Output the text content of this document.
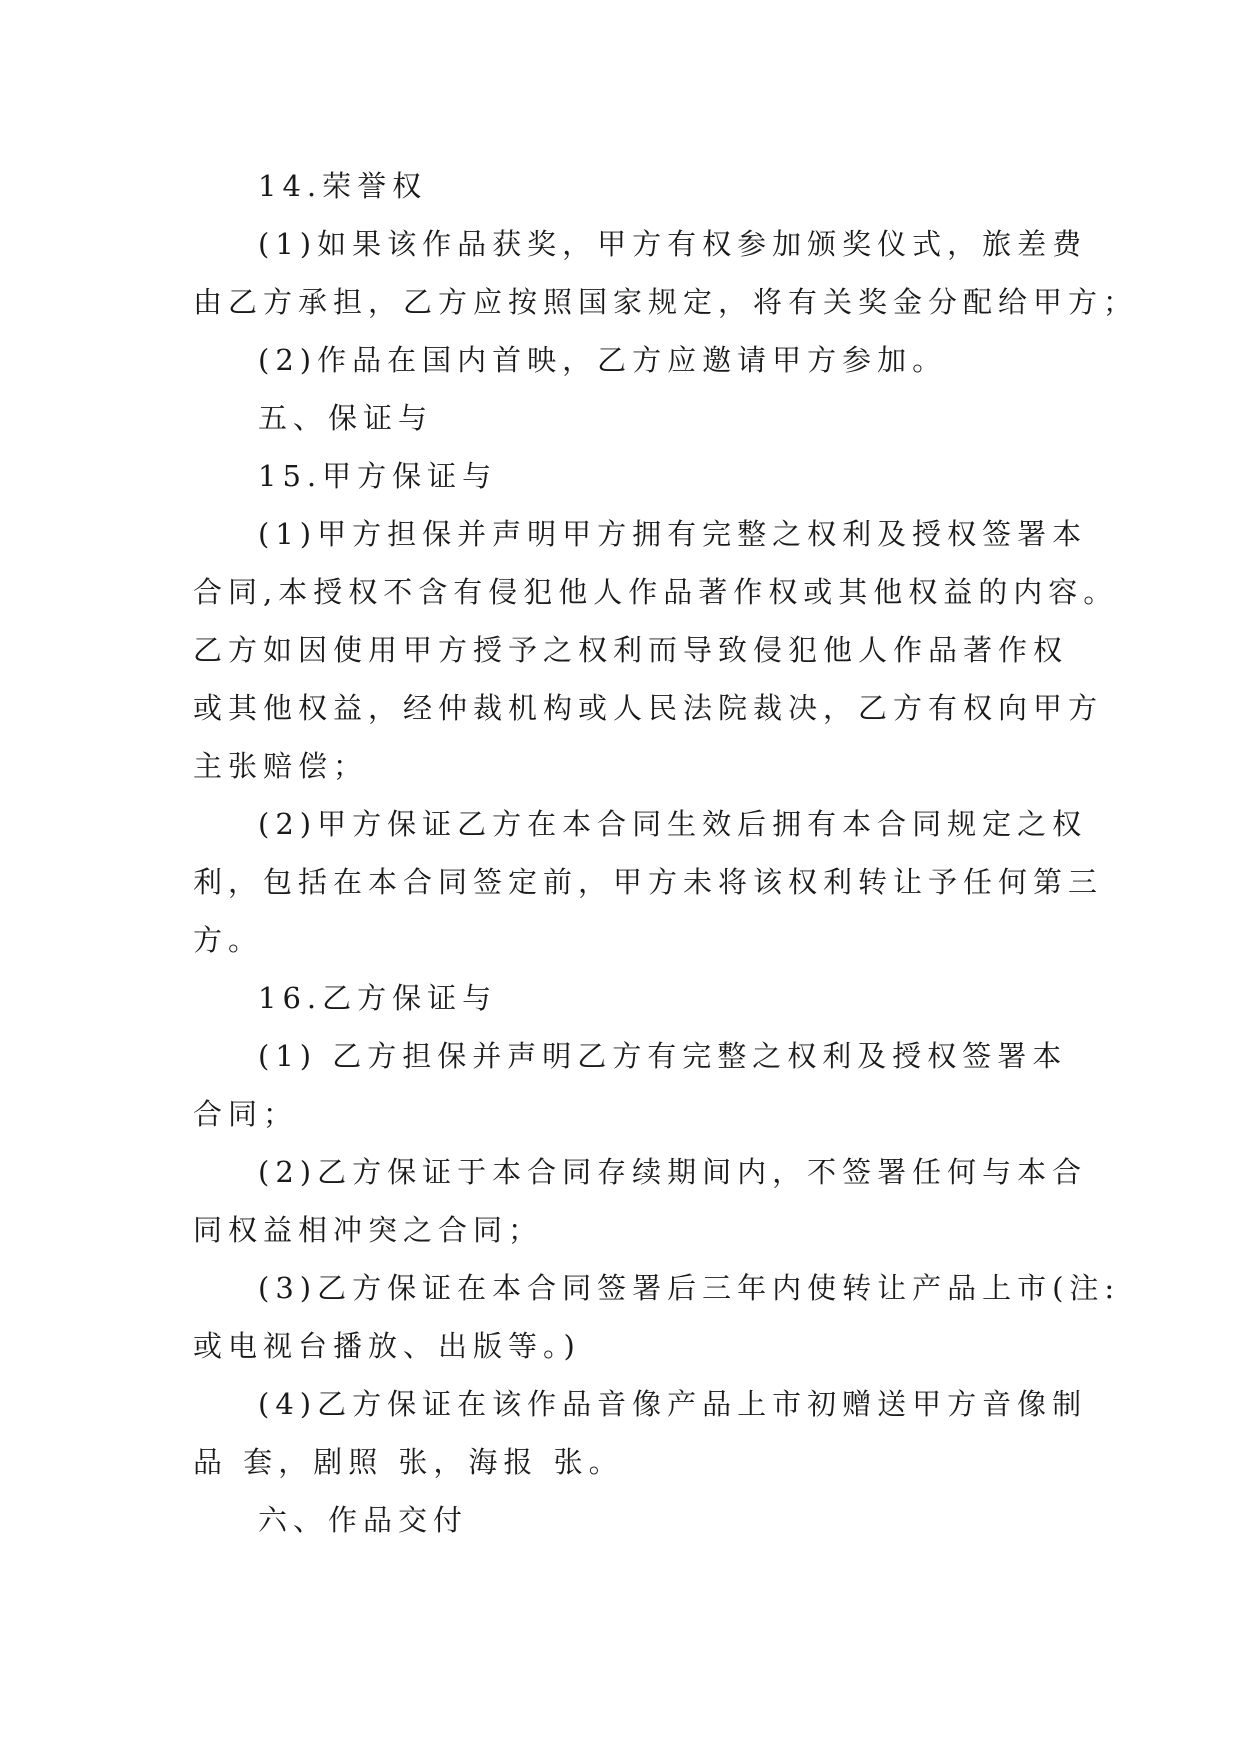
14.荣誉权
(1)如果该作品获奖，甲方有权参加颁奖仪式，旅差费
由乙方承担，乙方应按照国家规定，将有关奖金分配给甲方；
(2)作品在国内首映，乙方应邀请甲方参加。
五、保证与
15.甲方保证与
(1)甲方担保并声明甲方拥有完整之权利及授权签署本
合同,本授权不含有侵犯他人作品著作权或其他权益的内容。
乙方如因使用甲方授予之权利而导致侵犯他人作品著作权
或其他权益，经仲裁机构或人民法院裁决，乙方有权向甲方
主张赔偿；
(2)甲方保证乙方在本合同生效后拥有本合同规定之权
利，包括在本合同签定前，甲方未将该权利转让予任何第三
方。
16.乙方保证与
(1) 乙方担保并声明乙方有完整之权利及授权签署本
合同；
(2)乙方保证于本合同存续期间内，不签署任何与本合
同权益相冲突之合同；
(3)乙方保证在本合同签署后三年内使转让产品上市(注:
或电视台播放、出版等。)
(4)乙方保证在该作品音像产品上市初赠送甲方音像制
品 套，剧照 张，海报 张。
六、作品交付
